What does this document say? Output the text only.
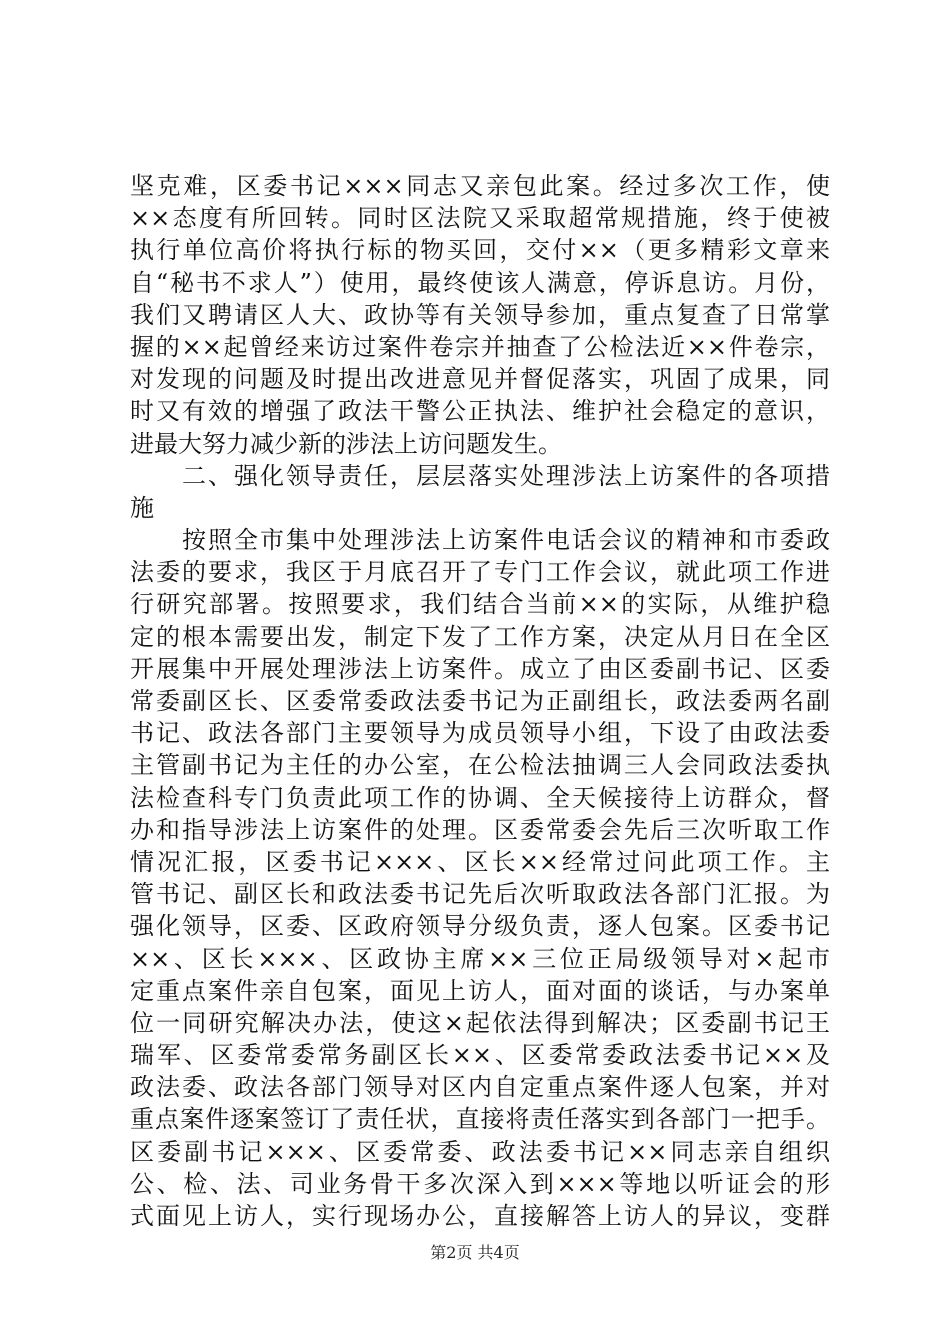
坚克难，区委书记×××同志又亲包此案。经过多次工作，使
××态度有所回转。同时区法院又采取超常规措施，终于使被
执行单位高价将执行标的物买回，交付××（更多精彩文章来
自“秘书不求人”）使用，最终使该人满意，停诉息访。月份，
我们又聘请区人大、政协等有关领导参加，重点复查了日常掌
握的××起曾经来访过案件卷宗并抽查了公检法近××件卷宗，
对发现的问题及时提出改进意见并督促落实，巩固了成果，同
时又有效的增强了政法干警公正执法、维护社会稳定的意识，
进最大努力减少新的涉法上访问题发生。
二、强化领导责任，层层落实处理涉法上访案件的各项措
施
按照全市集中处理涉法上访案件电话会议的精神和市委政
法委的要求，我区于月底召开了专门工作会议，就此项工作进
行研究部署。按照要求，我们结合当前××的实际，从维护稳
定的根本需要出发，制定下发了工作方案，决定从月日在全区
开展集中开展处理涉法上访案件。成立了由区委副书记、区委
常委副区长、区委常委政法委书记为正副组长，政法委两名副
书记、政法各部门主要领导为成员领导小组，下设了由政法委
主管副书记为主任的办公室，在公检法抽调三人会同政法委执
法检查科专门负责此项工作的协调、全天候接待上访群众，督
办和指导涉法上访案件的处理。区委常委会先后三次听取工作
情况汇报，区委书记×××、区长××经常过问此项工作。主
管书记、副区长和政法委书记先后次听取政法各部门汇报。为
强化领导，区委、区政府领导分级负责，逐人包案。区委书记
××、区长×××、区政协主席××三位正局级领导对×起市
定重点案件亲自包案，面见上访人，面对面的谈话，与办案单
位一同研究解决办法，使这×起依法得到解决；区委副书记王
瑞军、区委常委常务副区长××、区委常委政法委书记××及
政法委、政法各部门领导对区内自定重点案件逐人包案，并对
重点案件逐案签订了责任状，直接将责任落实到各部门一把手。
区委副书记×××、区委常委、政法委书记××同志亲自组织
公、检、法、司业务骨干多次深入到×××等地以听证会的形
式面见上访人，实行现场办公，直接解答上访人的异议，变群
第2页 共4页
